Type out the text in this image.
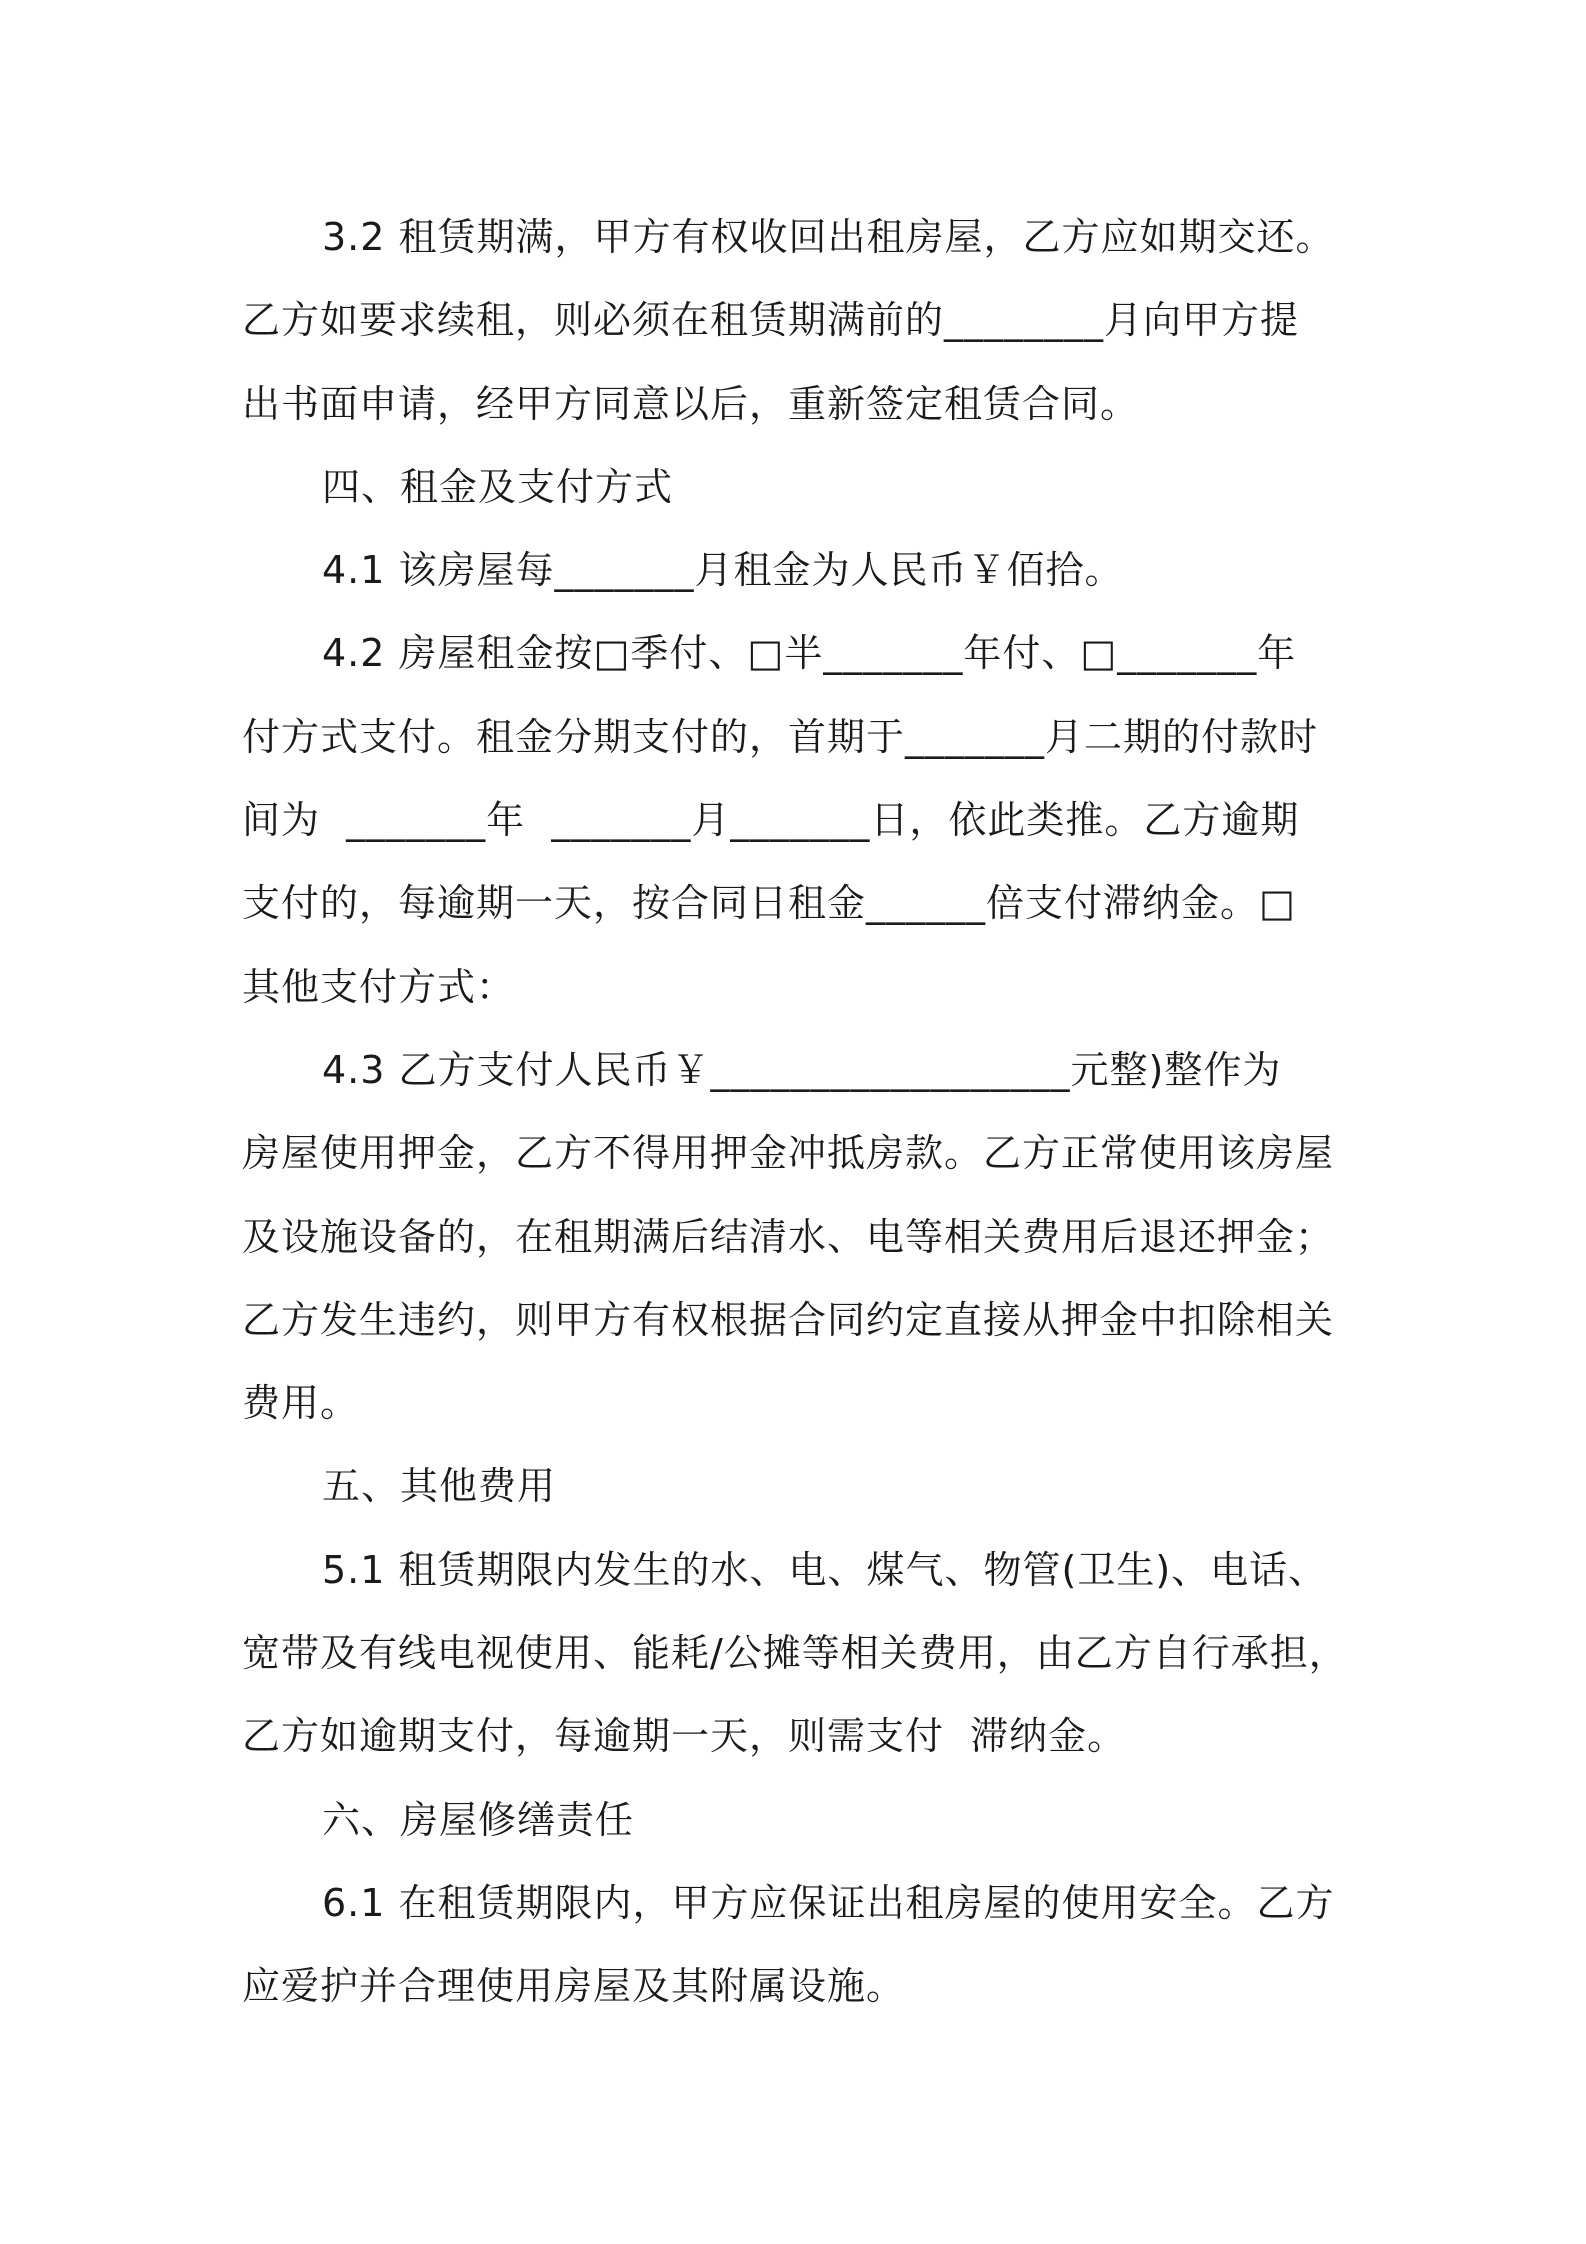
3.2 租赁期满，甲方有权收回出租房屋，乙方应如期交还。
乙方如要求续租，则必须在租赁期满前的________月向甲方提
出书面申请，经甲方同意以后，重新签定租赁合同。
四、租金及支付方式
4.1 该房屋每_______月租金为人民币￥佰拾。
4.2 房屋租金按□季付、□半_______年付、□_______年
付方式支付。租金分期支付的，首期于_______月二期的付款时
间为  _______年  _______月_______日，依此类推。乙方逾期
支付的，每逾期一天，按合同日租金______倍支付滞纳金。□
其他支付方式：
4.3 乙方支付人民币￥__________________元整)整作为
房屋使用押金，乙方不得用押金冲抵房款。乙方正常使用该房屋
及设施设备的，在租期满后结清水、电等相关费用后退还押金；
乙方发生违约，则甲方有权根据合同约定直接从押金中扣除相关
费用。
五、其他费用
5.1 租赁期限内发生的水、电、煤气、物管(卫生)、电话、
宽带及有线电视使用、能耗/公摊等相关费用，由乙方自行承担，
乙方如逾期支付，每逾期一天，则需支付  滞纳金。
六、房屋修缮责任
6.1 在租赁期限内，甲方应保证出租房屋的使用安全。乙方
应爱护并合理使用房屋及其附属设施。
